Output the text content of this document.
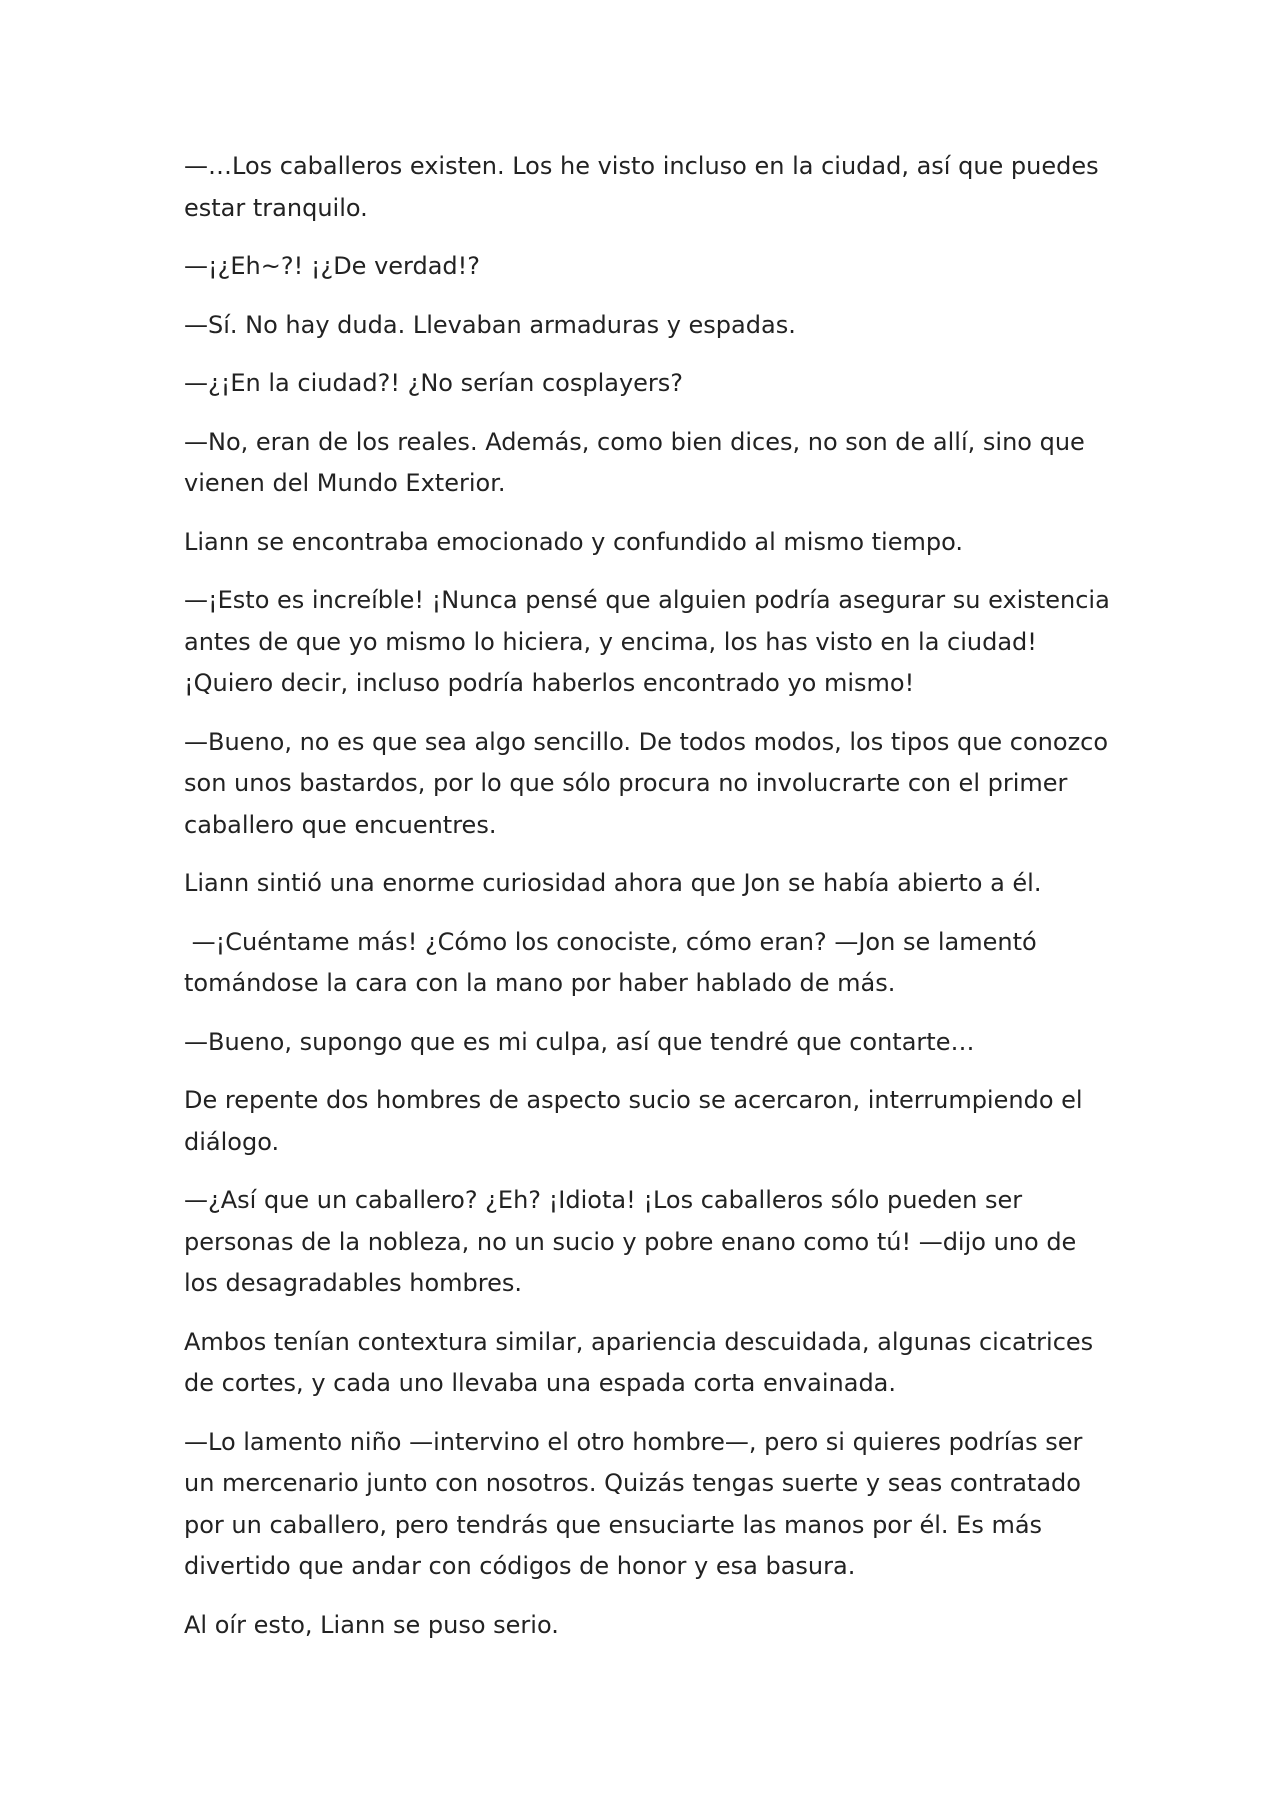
—…Los caballeros existen. Los he visto incluso en la ciudad, así que puedes estar tranquilo.

—¡¿Eh~?! ¡¿De verdad!?

—Sí. No hay duda. Llevaban armaduras y espadas.

—¿¡En la ciudad?! ¿No serían cosplayers?

—No, eran de los reales. Además, como bien dices, no son de allí, sino que vienen del Mundo Exterior.

Liann se encontraba emocionado y confundido al mismo tiempo.

—¡Esto es increíble! ¡Nunca pensé que alguien podría asegurar su existencia antes de que yo mismo lo hiciera, y encima, los has visto en la ciudad! ¡Quiero decir, incluso podría haberlos encontrado yo mismo!

—Bueno, no es que sea algo sencillo. De todos modos, los tipos que conozco son unos bastardos, por lo que sólo procura no involucrarte con el primer caballero que encuentres.

Liann sintió una enorme curiosidad ahora que Jon se había abierto a él.

—¡Cuéntame más! ¿Cómo los conociste, cómo eran? —Jon se lamentó tomándose la cara con la mano por haber hablado de más.

—Bueno, supongo que es mi culpa, así que tendré que contarte…

De repente dos hombres de aspecto sucio se acercaron, interrumpiendo el diálogo.

—¿Así que un caballero? ¿Eh? ¡Idiota! ¡Los caballeros sólo pueden ser personas de la nobleza, no un sucio y pobre enano como tú! —dijo uno de los desagradables hombres.

Ambos tenían contextura similar, apariencia descuidada, algunas cicatrices de cortes, y cada uno llevaba una espada corta envainada.

—Lo lamento niño —intervino el otro hombre—, pero si quieres podrías ser un mercenario junto con nosotros. Quizás tengas suerte y seas contratado por un caballero, pero tendrás que ensuciarte las manos por él. Es más divertido que andar con códigos de honor y esa basura.

Al oír esto, Liann se puso serio.
